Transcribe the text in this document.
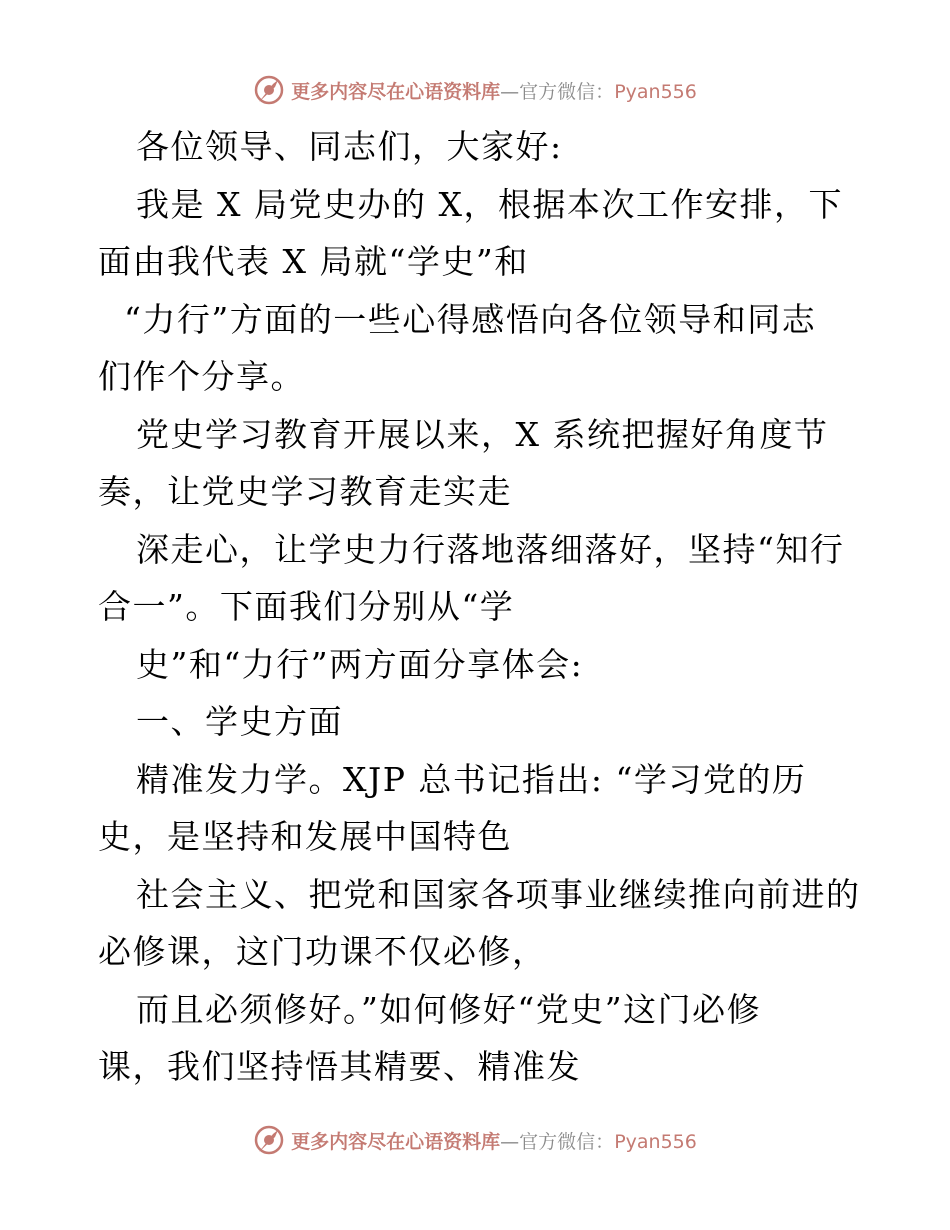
更多内容尽在心语资料库—官方微信：Pyan556
各位领导、同志们，大家好:
我是 X 局党史办的 X，根据本次工作安排，下
面由我代表 X 局就“学史”和
“力行”方面的一些心得感悟向各位领导和同志
们作个分享。
党史学习教育开展以来，X 系统把握好角度节
奏，让党史学习教育走实走
深走心，让学史力行落地落细落好，坚持“知行
合一”。下面我们分别从“学
史”和“力行”两方面分享体会:
一、学史方面
精准发力学。XJP 总书记指出: “学习党的历
史，是坚持和发展中国特色
社会主义、把党和国家各项事业继续推向前进的
必修课，这门功课不仅必修，
而且必须修好。”如何修好“党史”这门必修
课，我们坚持悟其精要、精准发
更多内容尽在心语资料库—官方微信：Pyan556
